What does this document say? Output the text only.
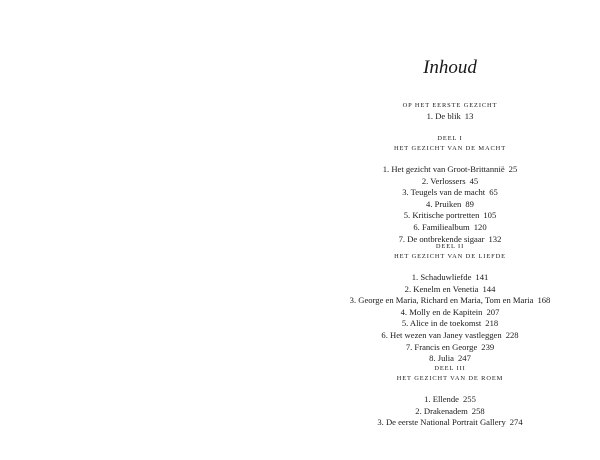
Inhoud
OP HET EERSTE GEZICHT
1. De blik 13
DEEL I
HET GEZICHT VAN DE MACHT
1. Het gezicht van Groot-Brittannië 25
2. Verlossers 45
3. Teugels van de macht 65
4. Pruiken 89
5. Kritische portretten 105
6. Familiealbum 120
7. De ontbrekende sigaar 132
DEEL II
HET GEZICHT VAN DE LIEFDE
1. Schaduwliefde 141
2. Kenelm en Venetia 144
3. George en Maria, Richard en Maria, Tom en Maria 168
4. Molly en de Kapitein 207
5. Alice in de toekomst 218
6. Het wezen van Janey vastleggen 228
7. Francis en George 239
8. Julia 247
DEEL III
HET GEZICHT VAN DE ROEM
1. Ellende 255
2. Drakenadem 258
3. De eerste National Portrait Gallery 274
